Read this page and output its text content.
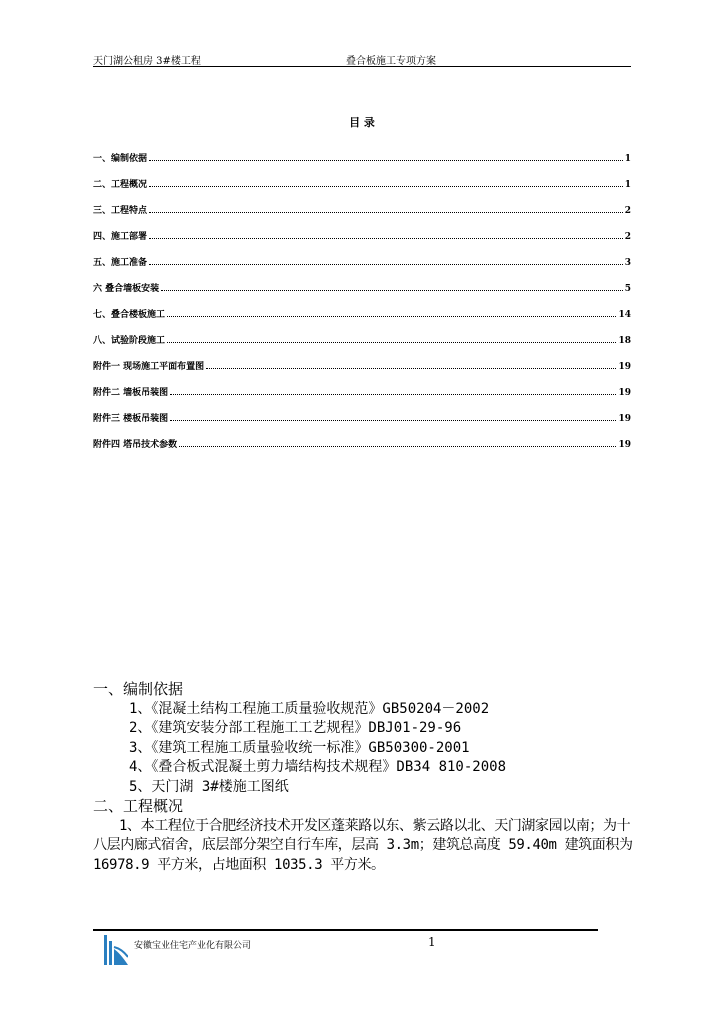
天门湖公租房 3#楼工程	叠合板施工专项方案
目 录
一、编制依据	1
二、工程概况	1
三、工程特点	2
四、施工部署	2
五、施工准备	3
六 叠合墙板安装	5
七、叠合楼板施工	14
八、试验阶段施工	18
附件一 现场施工平面布置图	19
附件二 墙板吊装图	19
附件三 楼板吊装图	19
附件四 塔吊技术参数	19
一、编制依据
1、《混凝土结构工程施工质量验收规范》GB50204－2002
2、《建筑安装分部工程施工工艺规程》DBJ01-29-96
3、《建筑工程施工质量验收统一标准》GB50300-2001
4、《叠合板式混凝土剪力墙结构技术规程》DB34 810-2008
5、天门湖 3#楼施工图纸
二、工程概况
1、本工程位于合肥经济技术开发区蓬莱路以东、紫云路以北、天门湖家园以南；为十八层内廊式宿舍，底层部分架空自行车库，层高 3.3m；建筑总高度 59.40m 建筑面积为 16978.9 平方米，占地面积 1035.3 平方米。
安徽宝业住宅产业化有限公司	1
